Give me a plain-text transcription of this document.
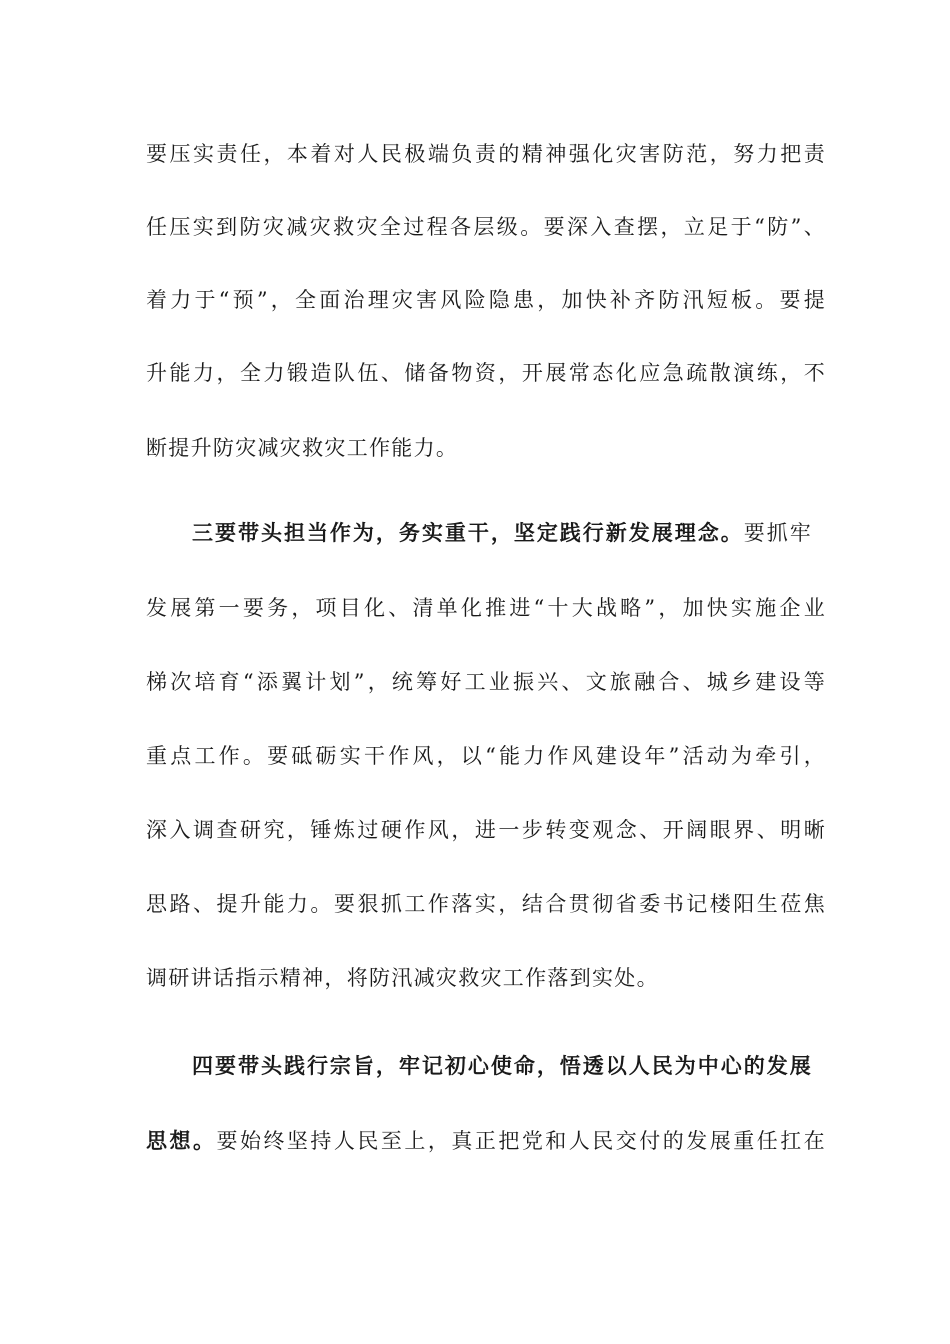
要压实责任，本着对人民极端负责的精神强化灾害防范，努力把责
任压实到防灾减灾救灾全过程各层级。要深入查摆，立足于“防”、
着力于“预”，全面治理灾害风险隐患，加快补齐防汛短板。要提
升能力，全力锻造队伍、储备物资，开展常态化应急疏散演练，不
断提升防灾减灾救灾工作能力。
三要带头担当作为，务实重干，坚定践行新发展理念。要抓牢
发展第一要务，项目化、清单化推进“十大战略”，加快实施企业
梯次培育“添翼计划”，统筹好工业振兴、文旅融合、城乡建设等
重点工作。要砥砺实干作风，以“能力作风建设年”活动为牵引，
深入调查研究，锤炼过硬作风，进一步转变观念、开阔眼界、明晰
思路、提升能力。要狠抓工作落实，结合贯彻省委书记楼阳生莅焦
调研讲话指示精神，将防汛减灾救灾工作落到实处。
四要带头践行宗旨，牢记初心使命，悟透以人民为中心的发展
思想。要始终坚持人民至上，真正把党和人民交付的发展重任扛在
